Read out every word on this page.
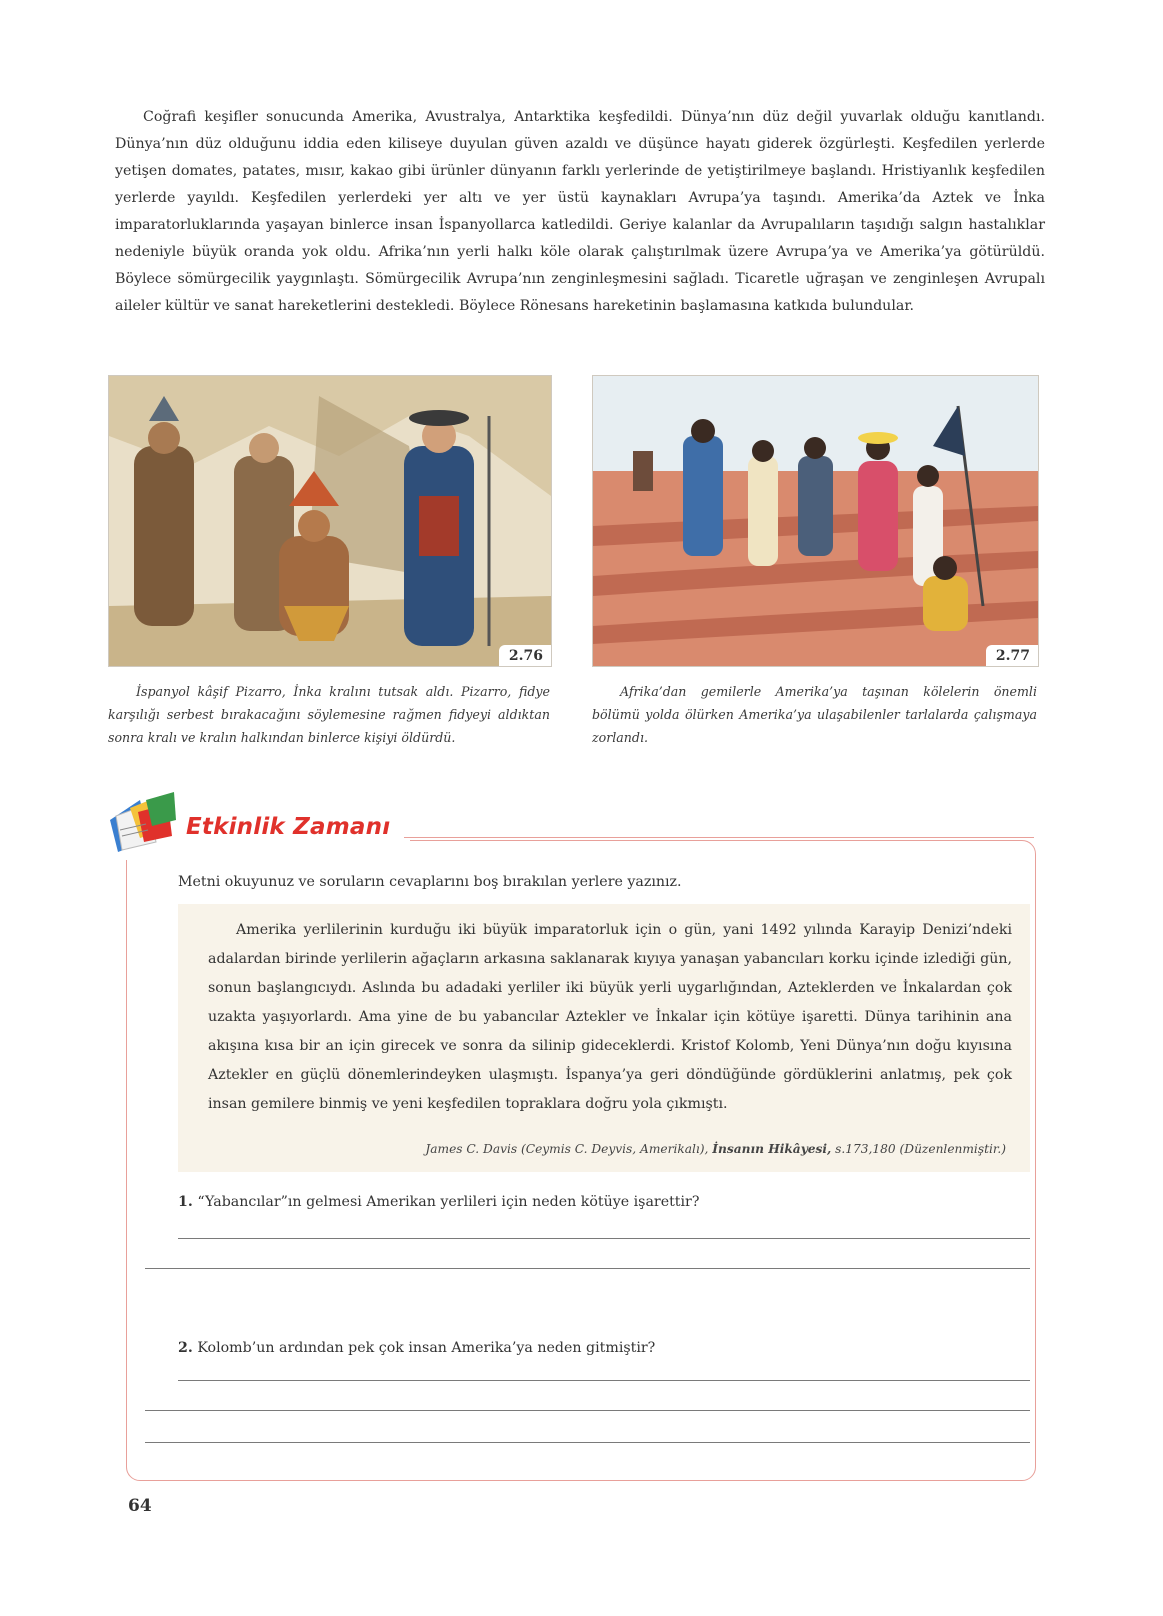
Coğrafi keşifler sonucunda Amerika, Avustralya, Antarktika keşfedildi. Dünya’nın düz değil yuvarlak olduğu kanıtlandı. Dünya’nın düz olduğunu iddia eden kiliseye duyulan güven azaldı ve düşünce hayatı giderek özgürleşti. Keşfedilen yerlerde yetişen domates, patates, mısır, kakao gibi ürünler dünyanın farklı yerlerinde de yetiştirilmeye başlandı. Hristiyanlık keşfedilen yerlerde yayıldı. Keşfedilen yerlerdeki yer altı ve yer üstü kaynakları Avrupa’ya taşındı. Amerika’da Aztek ve İnka imparatorluklarında yaşayan binlerce insan İspanyollarca katledildi. Geriye kalanlar da Avrupalıların taşıdığı salgın hastalıklar nedeniyle büyük oranda yok oldu. Afrika’nın yerli halkı köle olarak çalıştırılmak üzere Avrupa’ya ve Amerika’ya götürüldü. Böylece sömürgecilik yaygınlaştı. Sömürgecilik Avrupa’nın zenginleşmesini sağladı. Ticaretle uğraşan ve zenginleşen Avrupalı aileler kültür ve sanat hareketlerini destekledi. Böylece Rönesans hareketinin başlamasına katkıda bulundular.

2.76	2.77

İspanyol kâşif Pizarro, İnka kralını tutsak aldı. Pizarro, fidye karşılığı serbest bırakacağını söylemesine rağmen fidyeyi aldıktan sonra kralı ve kralın halkından binlerce kişiyi öldürdü.

Afrika’dan gemilerle Amerika’ya taşınan kölelerin önemli bölümü yolda ölürken Amerika’ya ulaşabilenler tarlalarda çalışmaya zorlandı.

Etkinlik Zamanı

Metni okuyunuz ve soruların cevaplarını boş bırakılan yerlere yazınız.

Amerika yerlilerinin kurduğu iki büyük imparatorluk için o gün, yani 1492 yılında Karayip Denizi’ndeki adalardan birinde yerlilerin ağaçların arkasına saklanarak kıyıya yanaşan yabancıları korku içinde izlediği gün, sonun başlangıcıydı. Aslında bu adadaki yerliler iki büyük yerli uygarlığından, Azteklerden ve İnkalardan çok uzakta yaşıyorlardı. Ama yine de bu yabancılar Aztekler ve İnkalar için kötüye işaretti. Dünya tarihinin ana akışına kısa bir an için girecek ve sonra da silinip gideceklerdi. Kristof Kolomb, Yeni Dünya’nın doğu kıyısına Aztekler en güçlü dönemlerindeyken ulaşmıştı. İspanya’ya geri döndüğünde gördüklerini anlatmış, pek çok insan gemilere binmiş ve yeni keşfedilen topraklara doğru yola çıkmıştı.

James C. Davis (Ceymis C. Deyvis, Amerikalı), İnsanın Hikâyesi, s.173,180 (Düzenlenmiştir.)

1. “Yabancılar”ın gelmesi Amerikan yerlileri için neden kötüye işarettir?

2. Kolomb’un ardından pek çok insan Amerika’ya neden gitmiştir?

64
